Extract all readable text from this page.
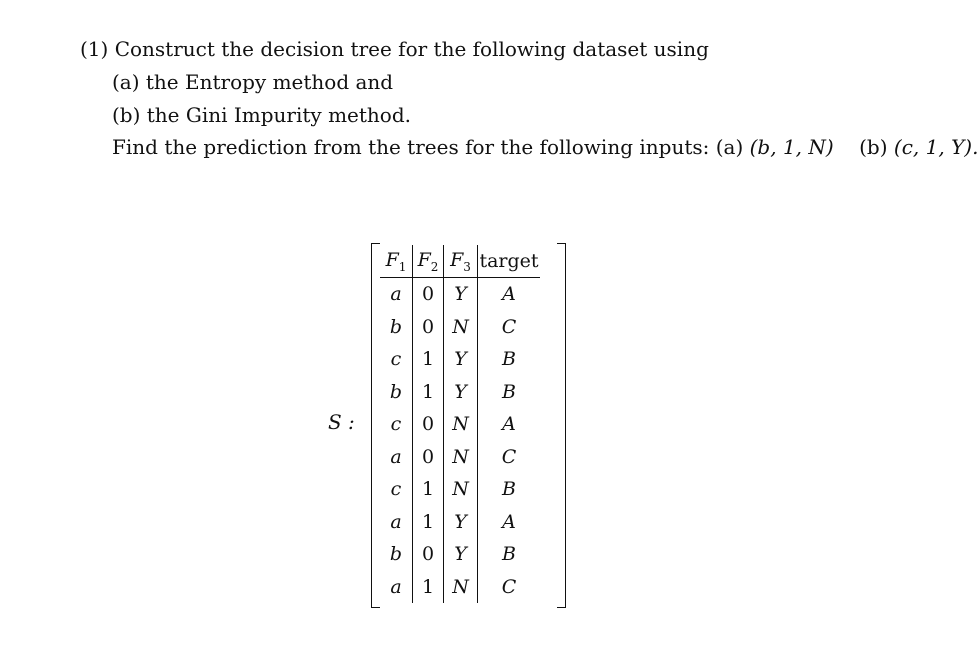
(1) Construct the decision tree for the following dataset using
(a) the Entropy method and
(b) the Gini Impurity method.
Find the prediction from the trees for the following inputs: (a) (b, 1, N) (b) (c, 1, Y).
S :
$F_1$	$F_2$	$F_3$	target
a	0	Y	A
b	0	N	C
c	1	Y	B
b	1	Y	B
c	0	N	A
a	0	N	C
c	1	N	B
a	1	Y	A
b	0	Y	B
a	1	N	C
